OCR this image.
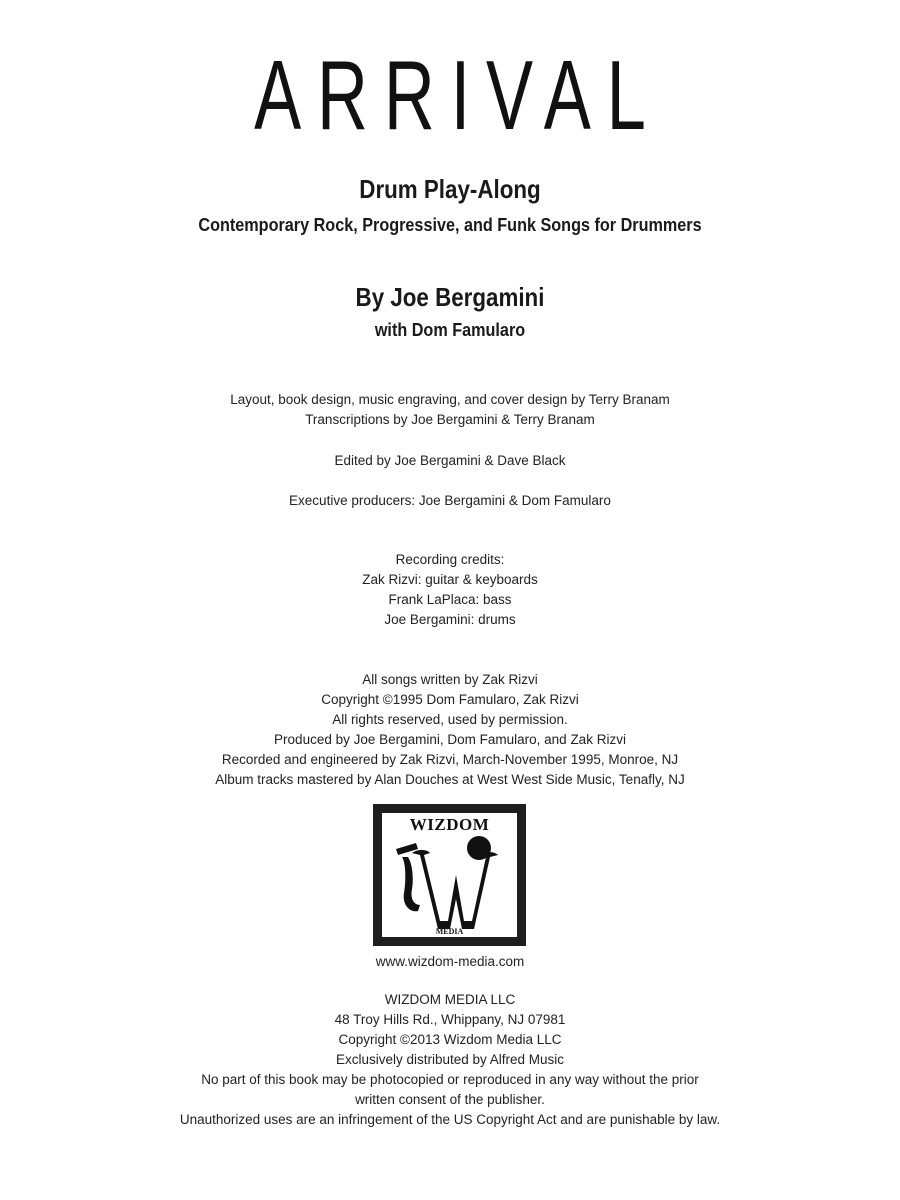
ARRIVAL
Drum Play-Along
Contemporary Rock, Progressive, and Funk Songs for Drummers
By Joe Bergamini
with Dom Famularo
Layout, book design, music engraving, and cover design by Terry Branam
Transcriptions by Joe Bergamini & Terry Branam
Edited by Joe Bergamini & Dave Black
Executive producers: Joe Bergamini & Dom Famularo
Recording credits:
Zak Rizvi: guitar & keyboards
Frank LaPlaca: bass
Joe Bergamini: drums
All songs written by Zak Rizvi
Copyright ©1995 Dom Famularo, Zak Rizvi
All rights reserved, used by permission.
Produced by Joe Bergamini, Dom Famularo, and Zak Rizvi
Recorded and engineered by Zak Rizvi, March-November 1995, Monroe, NJ
Album tracks mastered by Alan Douches at West West Side Music, Tenafly, NJ
WIZDOM
MEDIA
www.wizdom-media.com
WIZDOM MEDIA LLC
48 Troy Hills Rd., Whippany, NJ 07981
Copyright ©2013 Wizdom Media LLC
Exclusively distributed by Alfred Music
No part of this book may be photocopied or reproduced in any way without the prior
written consent of the publisher.
Unauthorized uses are an infringement of the US Copyright Act and are punishable by law.
